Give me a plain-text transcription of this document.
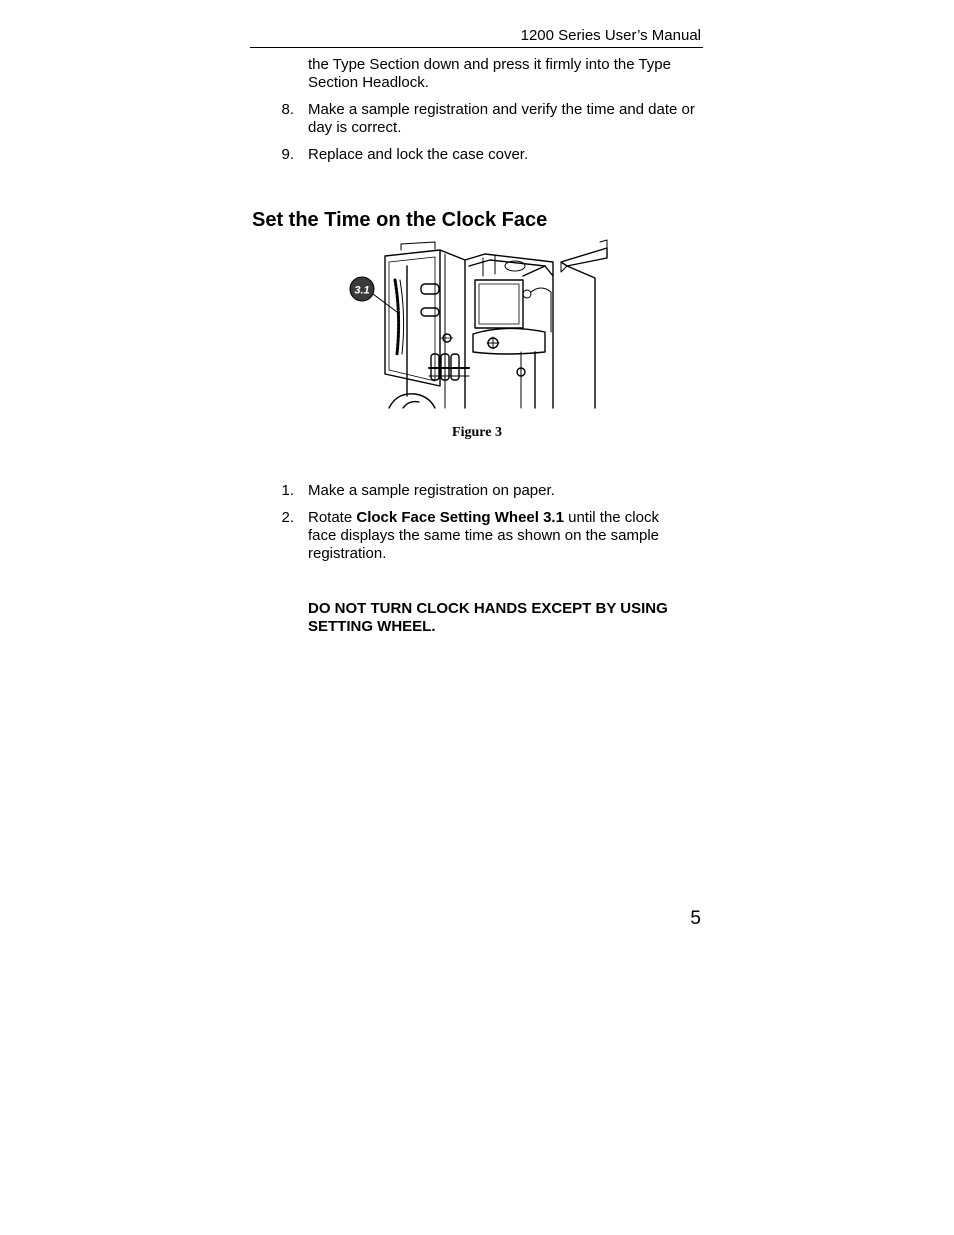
1200 Series User’s Manual
the Type Section down and press it firmly into the Type Section Headlock.
8. Make a sample registration and verify the time and date or day is correct.
9. Replace and lock the case cover.
Set the Time on the Clock Face
3.1
Figure 3
1. Make a sample registration on paper.
2. Rotate Clock Face Setting Wheel 3.1 until the clock face displays the same time as shown on the sample registration.
DO NOT TURN CLOCK HANDS EXCEPT BY USING SETTING WHEEL.
5
